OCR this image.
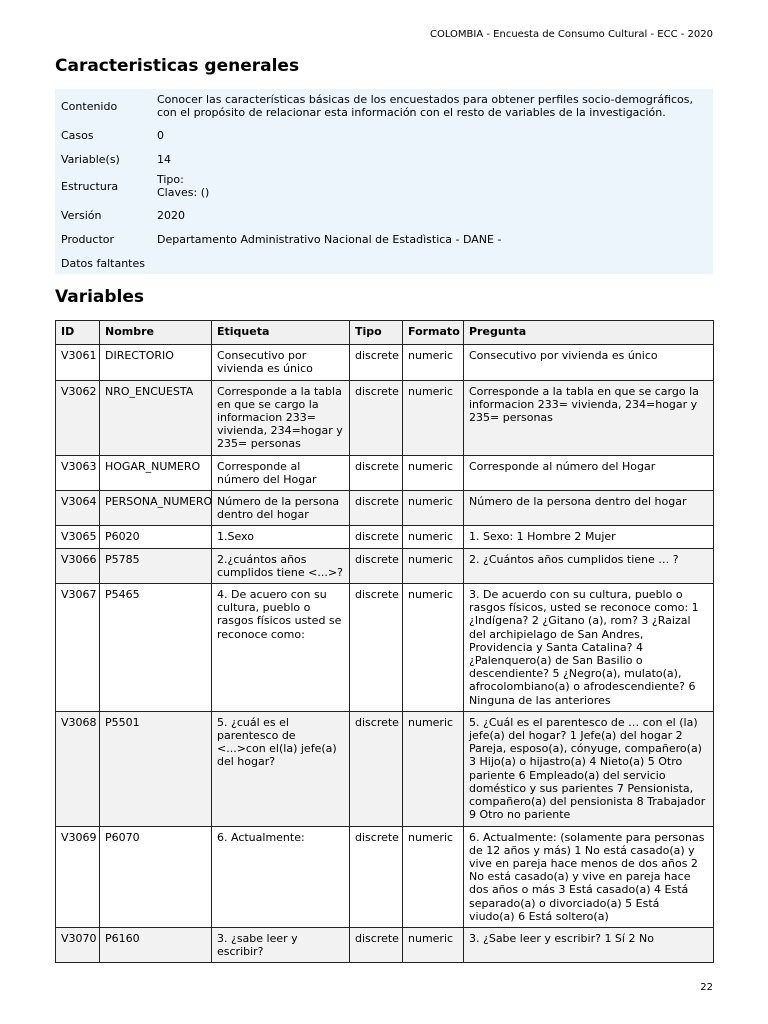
COLOMBIA - Encuesta de Consumo Cultural - ECC - 2020
Caracteristicas generales
Contenido	Conocer las características básicas de los encuestados para obtener perfiles socio-demográficos, con el propósito de relacionar esta información con el resto de variables de la investigación.
Casos	0
Variable(s)	14
Estructura	Tipo:
Claves: ()

Versión	2020
Productor	Departamento Administrativo Nacional de Estadìstica - DANE -
Datos faltantes	
Variables
ID	Nombre	Etiqueta	Tipo	Formato	Pregunta
V3061	DIRECTORIO	Consecutivo por vivienda es único	discrete	numeric	Consecutivo por vivienda es único
V3062	NRO_ENCUESTA	Corresponde a la tabla en que se cargo la informacion 233= vivienda, 234=hogar y 235= personas	discrete	numeric	Corresponde a la tabla en que se cargo la informacion 233= vivienda, 234=hogar y 235= personas
V3063	HOGAR_NUMERO	Corresponde al número del Hogar	discrete	numeric	Corresponde al número del Hogar
V3064	PERSONA_NUMERO	Número de la persona dentro del hogar	discrete	numeric	Número de la persona dentro del hogar
V3065	P6020	1.Sexo	discrete	numeric	1. Sexo: 1 Hombre 2 Mujer
V3066	P5785	2.¿cuántos años cumplidos tiene <...>?	discrete	numeric	2. ¿Cuántos años cumplidos tiene … ?
V3067	P5465	4. De acuero con su cultura, pueblo o rasgos físicos usted se reconoce como:	discrete	numeric	3. De acuerdo con su cultura, pueblo o rasgos físicos, usted se reconoce como: 1 ¿Indígena? 2 ¿Gitano (a), rom? 3 ¿Raizal del archipielago de San Andres, Providencia y Santa Catalina? 4 ¿Palenquero(a) de San Basilio o descendiente? 5 ¿Negro(a), mulato(a), afrocolombiano(a) o afrodescendiente? 6 Ninguna de las anteriores
V3068	P5501	5. ¿cuál es el parentesco de <...>con el(la) jefe(a) del hogar?	discrete	numeric	5. ¿Cuál es el parentesco de … con el (la) jefe(a) del hogar? 1 Jefe(a) del hogar 2 Pareja, esposo(a), cónyuge, compañero(a) 3 Hijo(a) o hijastro(a) 4 Nieto(a) 5 Otro pariente 6 Empleado(a) del servicio doméstico y sus parientes 7 Pensionista, compañero(a) del pensionista 8 Trabajador 9 Otro no pariente
V3069	P6070	6. Actualmente:	discrete	numeric	6. Actualmente: (solamente para personas de 12 años y más) 1 No está casado(a) y vive en pareja hace menos de dos años 2 No está casado(a) y vive en pareja hace dos años o más 3 Está casado(a) 4 Está separado(a) o divorciado(a) 5 Está viudo(a) 6 Está soltero(a)
V3070	P6160	3. ¿sabe leer y escribir?	discrete	numeric	3. ¿Sabe leer y escribir? 1 Sí 2 No
22
